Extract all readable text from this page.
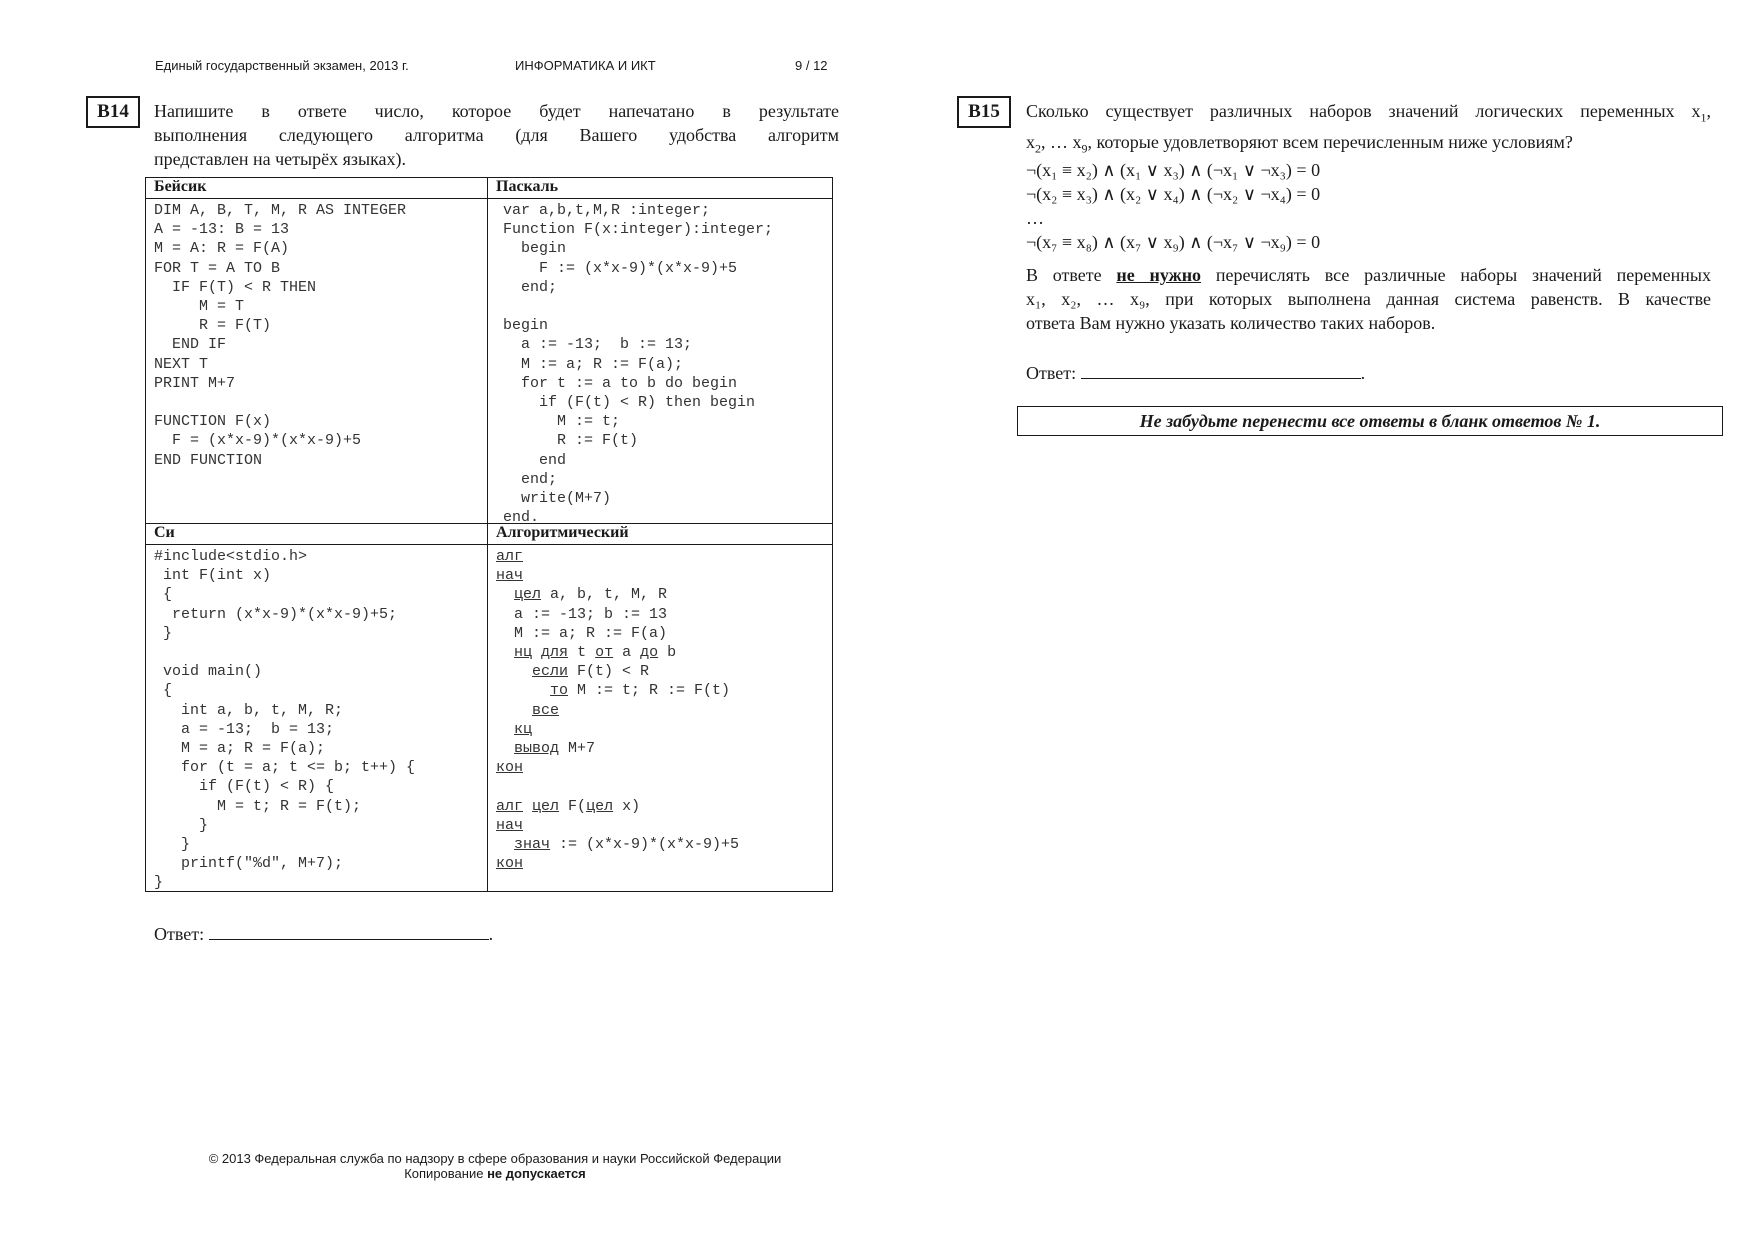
Единый государственный экзамен, 2013 г.	ИНФОРМАТИКА И ИКТ	9 / 12
B14	Напишите в ответе число, которое будет напечатано в результате
выполнения следующего алгоритма (для Вашего удобства алгоритм
представлен на четырёх языках).
Бейсик
DIM A, B, T, M, R AS INTEGER
A = -13: B = 13
M = A: R = F(A)
FOR T = A TO B
IF F(T) < R THEN
M = T
R = F(T)
END IF
NEXT T
PRINT M+7

FUNCTION F(x)
F = (x*x-9)*(x*x-9)+5
END FUNCTION
Паскаль
var a,b,t,M,R :integer;
Function F(x:integer):integer;
begin
F := (x*x-9)*(x*x-9)+5
end;

begin
a := -13;  b := 13;
M := a; R := F(a);
for t := a to b do begin
if (F(t) < R) then begin
M := t;
R := F(t)
end
end;
write(M+7)
end.
Си
#include<stdio.h>
int F(int x)
{
return (x*x-9)*(x*x-9)+5;
}

void main()
{
int a, b, t, M, R;
a = -13;  b = 13;
M = a; R = F(a);
for (t = a; t <= b; t++) {
if (F(t) < R) {
M = t; R = F(t);
}
}
printf("%d", M+7);
}
Алгоритмический
алг
нач
цел a, b, t, M, R
a := -13; b := 13
M := a; R := F(a)
нц для t от a до b
если F(t) < R
то M := t; R := F(t)
все
кц
вывод M+7
кон
алг цел F(цел x)
нач
знач := (x*x-9)*(x*x-9)+5
кон
Ответ:	.
B15	Сколько существует различных наборов значений логических переменных $x_1$,
$x_2$, … $x_9$, которые удовлетворяют всем перечисленным ниже условиям?
¬(x₁ ≡ x₂) ∧ (x₁ ∨ x₃) ∧ (¬x₁ ∨ ¬x₃) = 0
¬(x₂ ≡ x₃) ∧ (x₂ ∨ x₄) ∧ (¬x₂ ∨ ¬x₄) = 0
…
¬(x₇ ≡ x₈) ∧ (x₇ ∨ x₉) ∧ (¬x₇ ∨ ¬x₉) = 0
В ответе не нужно перечислять все различные наборы значений переменных
x₁, x₂, … x₉, при которых выполнена данная система равенств. В качестве
ответа Вам нужно указать количество таких наборов.
Ответ:	.
Не забудьте перенести все ответы в бланк ответов № 1.
© 2013 Федеральная служба по надзору в сфере образования и науки Российской Федерации
Копирование не допускается
